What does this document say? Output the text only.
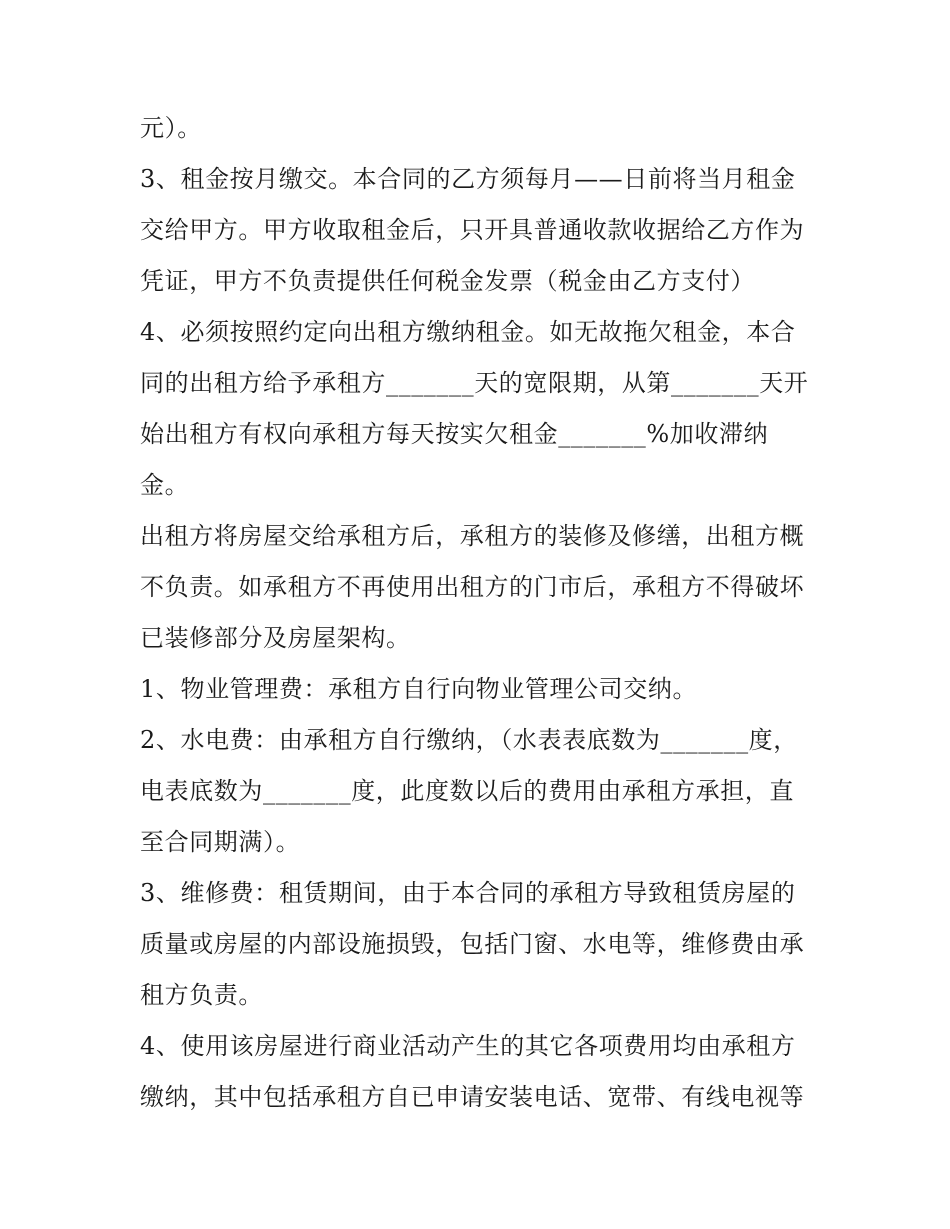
元）。
3、租金按月缴交。本合同的乙方须每月——日前将当月租金
交给甲方。甲方收取租金后，只开具普通收款收据给乙方作为
凭证，甲方不负责提供任何税金发票（税金由乙方支付）
4、必须按照约定向出租方缴纳租金。如无故拖欠租金，本合
同的出租方给予承租方_______天的宽限期，从第_______天开
始出租方有权向承租方每天按实欠租金_______%加收滞纳
金。
出租方将房屋交给承租方后，承租方的装修及修缮，出租方概
不负责。如承租方不再使用出租方的门市后，承租方不得破坏
已装修部分及房屋架构。
1、物业管理费：承租方自行向物业管理公司交纳。
2、水电费：由承租方自行缴纳，（水表表底数为_______度，
电表底数为_______度，此度数以后的费用由承租方承担，直
至合同期满）。
3、维修费：租赁期间，由于本合同的承租方导致租赁房屋的
质量或房屋的内部设施损毁，包括门窗、水电等，维修费由承
租方负责。
4、使用该房屋进行商业活动产生的其它各项费用均由承租方
缴纳，其中包括承租方自已申请安装电话、宽带、有线电视等
